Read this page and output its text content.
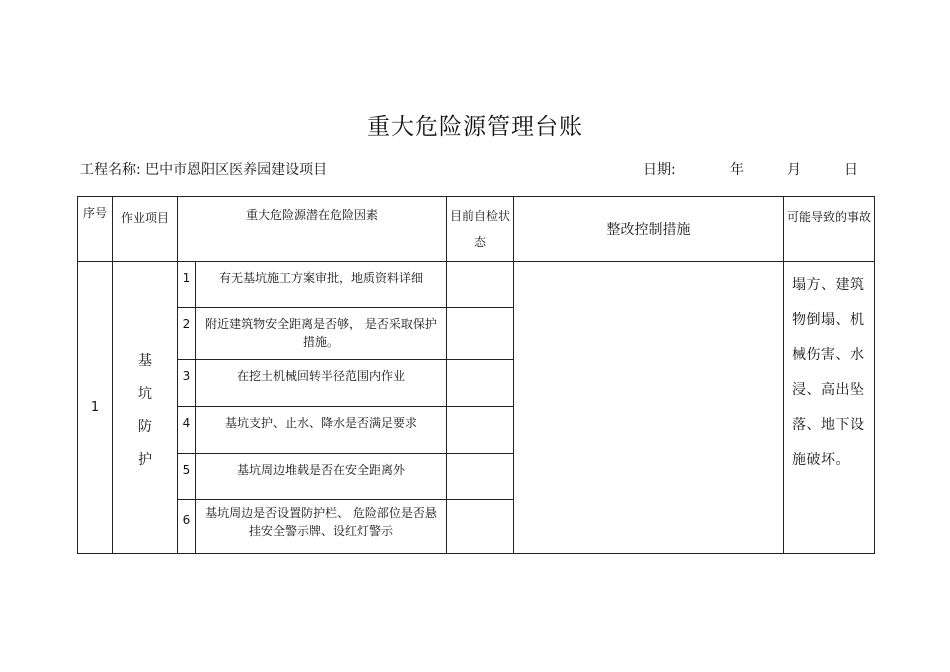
重大危险源管理台账
工程名称: 巴中市恩阳区医养园建设项目	日期:	年	月	日
序号	作业项目	重大危险源潜在危险因素		目前自检状态	整改控制措施	可能导致的事故
1	基坑防护	1	有无基坑施工方案审批，地质资料详细			塌方、建筑物倒塌、机械伤害、水浸、高出坠落、地下设施破坏。
		2	附近建筑物安全距离是否够， 是否采取保护措施。			
		3	在挖土机械回转半径范围内作业			
		4	基坑支护、止水、降水是否满足要求			
		5	基坑周边堆载是否在安全距离外			
		6	基坑周边是否设置防护栏、 危险部位是否悬挂安全警示牌、设红灯警示			
